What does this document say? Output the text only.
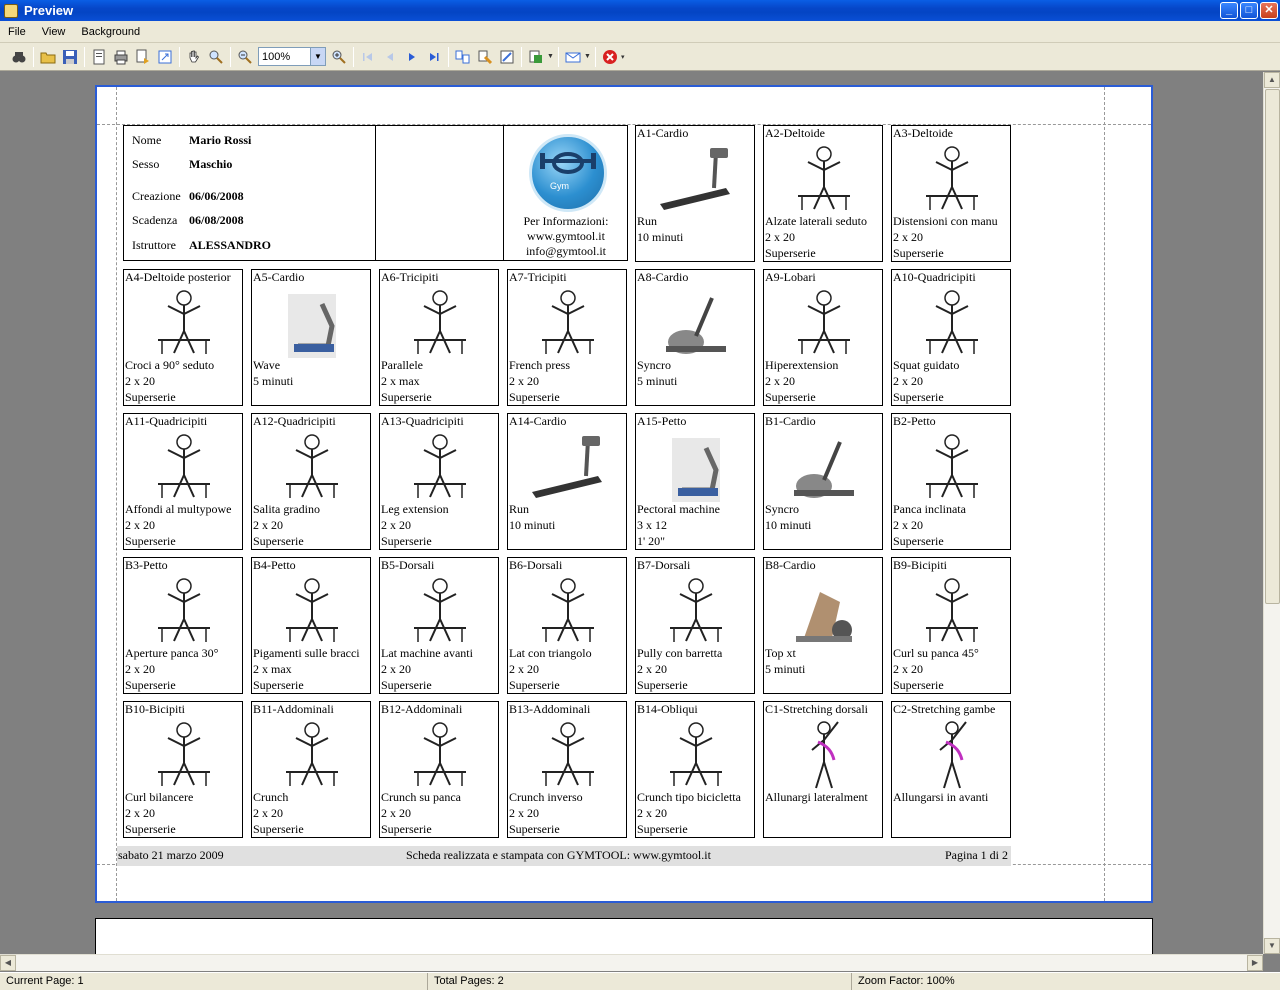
Preview	_	□	✕
File	View	Background
100%	▼	▼	▼	▾
Nome	Mario Rossi
Sesso	Maschio
Creazione 06/06/2008
Scadenza 06/08/2008
Istruttore	ALESSANDRO
Gym
Per Informazioni:
www.gymtool.it
info@gymtool.it
A1-Cardio
Run
10 minuti
A2-Deltoide
Alzate laterali seduto
2 x 20
Superserie
A3-Deltoide
Distensioni con manu
2 x 20
Superserie
A4-Deltoide posterior
Croci a 90° seduto
2 x 20
Superserie
A5-Cardio
Wave
5 minuti
A6-Tricipiti
Parallele
2 x max
Superserie
A7-Tricipiti
French press
2 x 20
Superserie
A8-Cardio
Syncro
5 minuti
A9-Lobari
Hiperextension
2 x 20
Superserie
A10-Quadricipiti
Squat guidato
2 x 20
Superserie
A11-Quadricipiti
Affondi al multypowe
2 x 20
Superserie
A12-Quadricipiti
Salita gradino
2 x 20
Superserie
A13-Quadricipiti
Leg extension
2 x 20
Superserie
A14-Cardio
Run
10 minuti
A15-Petto
Pectoral machine
3 x 12
1' 20"
B1-Cardio
Syncro
10 minuti
B2-Petto
Panca inclinata
2 x 20
Superserie
B3-Petto
Aperture panca 30°
2 x 20
Superserie
B4-Petto
Pigamenti sulle bracci
2 x max
Superserie
B5-Dorsali
Lat machine avanti
2 x 20
Superserie
B6-Dorsali
Lat con triangolo
2 x 20
Superserie
B7-Dorsali
Pully con barretta
2 x 20
Superserie
B8-Cardio
Top xt
5 minuti
B9-Bicipiti
Curl su panca 45°
2 x 20
Superserie
B10-Bicipiti
Curl bilancere
2 x 20
Superserie
B11-Addominali
Crunch
2 x 20
Superserie
B12-Addominali
Crunch su panca
2 x 20
Superserie
B13-Addominali
Crunch inverso
2 x 20
Superserie
B14-Obliqui
Crunch tipo bicicletta
2 x 20
Superserie
C1-Stretching dorsali
Allunargi lateralment
C2-Stretching gambe
Allungarsi in avanti
sabato 21 marzo 2009	Scheda realizzata e stampata con GYMTOOL: www.gymtool.it	Pagina 1 di 2
▲
▼
◀	▶
Current Page: 1	Total Pages: 2	Zoom Factor: 100%
